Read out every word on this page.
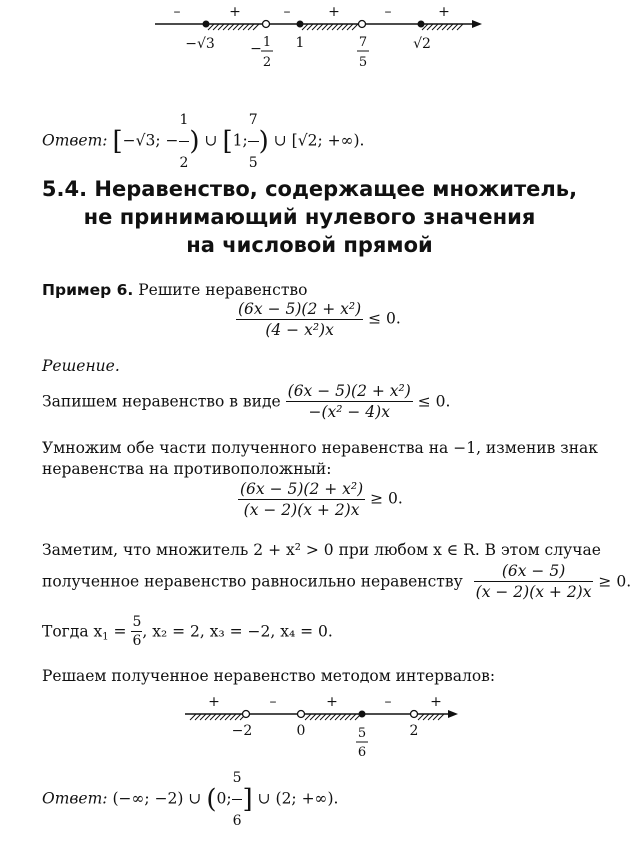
–	+	–	+	–	+
−√3	− 1
2
1	7
5
√2
Ответ: [−√3; − $\frac{1}{2}$ ) ∪ [1; $\frac{7}{5}$ ) ∪ [√2; +∞).
5.4. Неравенство, содержащее множитель,
не принимающий нулевого значения
на числовой прямой
Пример 6. Решите неравенство
$\frac{\text{(6x − 5)(2 + x²)}}{\text{(4 − x²)x}} \le 0$.
Решение.
Запишем неравенство в виде $\frac{\text{(6x − 5)(2 + x²)}}{\text{−(x² − 4)x}} \le 0$.
Умножим обе части полученного неравенства на −1, изменив знак
неравенства на противоположный:
$\frac{\text{(6x − 5)(2 + x²)}}{(x - 2)(x + 2)x} \ge 0$.
Заметим, что множитель 2 + x² > 0 при любом x ∈ R. В этом случае
полученное неравенство равносильно неравенству $\frac{(6x - 5)}{(x - 2)(x + 2)x} \ge 0$.
Тогда $x_1 = \frac{5}{6}$ , x₂ = 2, x₃ = −2, x₄ = 0.
Решаем полученное неравенство методом интервалов:
+	–	+	–	+
−2	0	5
6
2
Ответ: (−∞; −2) ∪ (0; $\frac{5}{6}$ ] ∪ (2; +∞).
